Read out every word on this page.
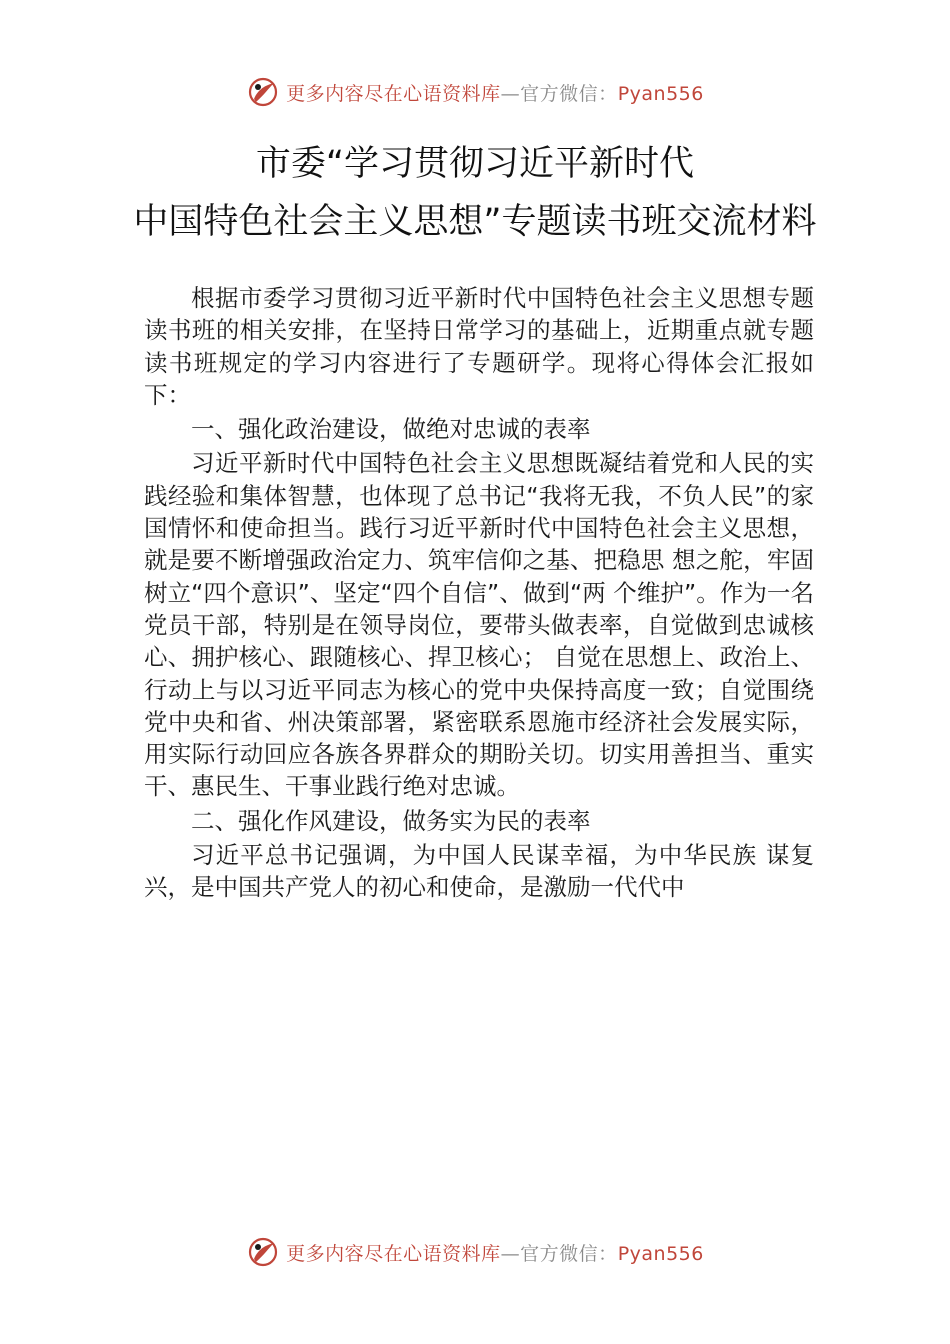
更多内容尽在心语资料库—官方微信：Pyan556
市委“学习贯彻习近平新时代
中国特色社会主义思想”专题读书班交流材料

根据市委学习贯彻习近平新时代中国特色社会主义思想专题读书班的相关安排，在坚持日常学习的基础上，近期重点就专题读书班规定的学习内容进行了专题研学。现将心得体会汇报如下：

一、强化政治建设，做绝对忠诚的表率

习近平新时代中国特色社会主义思想既凝结着党和人民的实践经验和集体智慧，也体现了总书记“我将无我，不负人民”的家国情怀和使命担当。践行习近平新时代中国特色社会主义思想，就是要不断增强政治定力、筑牢信仰之基、把稳思 想之舵，牢固树立“四个意识”、坚定“四个自信”、做到“两 个维护”。作为一名党员干部，特别是在领导岗位，要带头做表率，自觉做到忠诚核心、拥护核心、跟随核心、捍卫核心； 自觉在思想上、政治上、行动上与以习近平同志为核心的党中央保持高度一致；自觉围绕党中央和省、州决策部署，紧密联系恩施市经济社会发展实际，用实际行动回应各族各界群众的期盼关切。切实用善担当、重实干、惠民生、干事业践行绝对忠诚。

二、强化作风建设，做务实为民的表率

习近平总书记强调，为中国人民谋幸福，为中华民族 谋复兴，是中国共产党人的初心和使命，是激励一代代中

更多内容尽在心语资料库—官方微信：Pyan556
